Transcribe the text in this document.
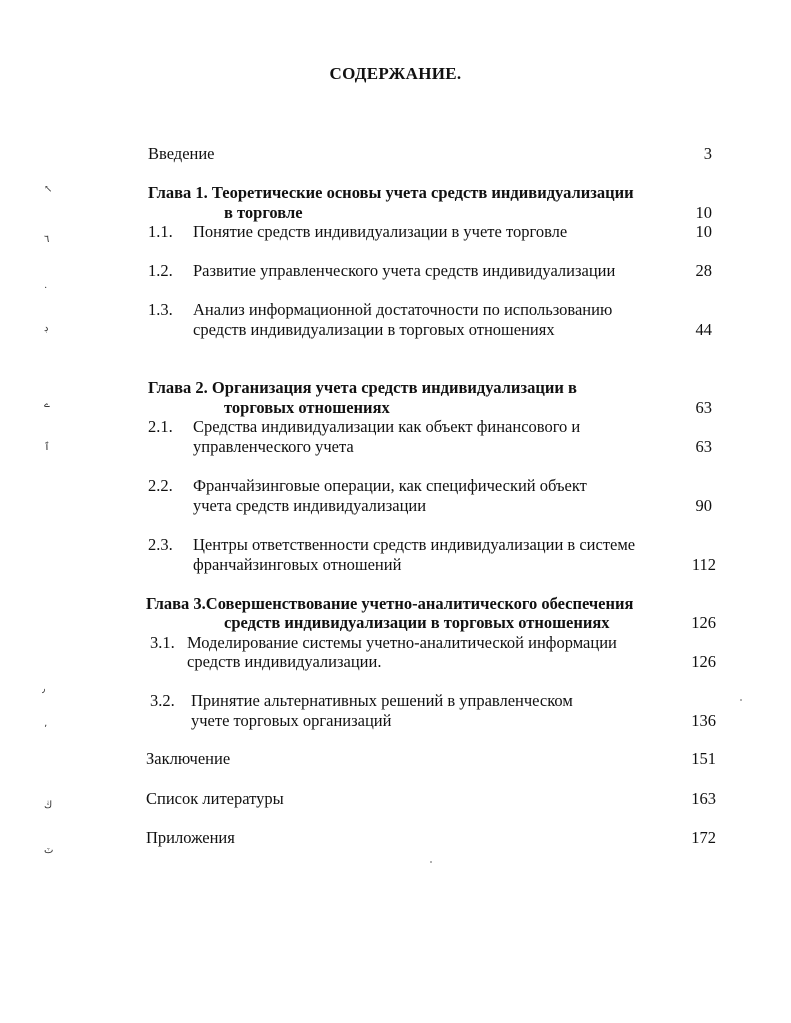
СОДЕРЖАНИЕ.
Введение	3
Глава 1. Теоретические основы учета средств индивидуализации
в торговле	10
1.1. Понятие средств индивидуализации в учете торговле	10
1.2. Развитие управленческого учета средств индивидуализации	28
1.3. Анализ информационной достаточности по использованию
средств индивидуализации в торговых отношениях	44
Глава 2. Организация учета средств индивидуализации в
торговых отношениях	63
2.1. Средства индивидуализации как объект финансового и
управленческого учета	63
2.2. Франчайзинговые операции, как специфический объект
учета средств индивидуализации	90
2.3. Центры ответственности средств индивидуализации в системе
франчайзинговых отношений	112
Глава 3.Совершенствование учетно-аналитического обеспечения
средств индивидуализации в торговых отношениях	126
3.1. Моделирование системы учетно-аналитической информации
средств индивидуализации.	126
3.2. Принятие альтернативных решений в управленческом
учете торговых организаций	136
Заключение	151
Список литературы	163
Приложения	172
↖
٦
·
ڊ
ے
ٱ
٫
٬
ڬ
ٽ
